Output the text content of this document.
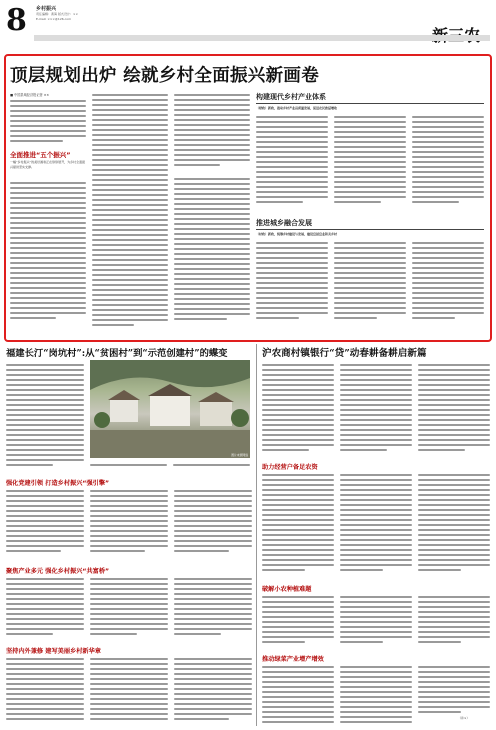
8 乡村振兴
责任编辑：黄海 版式设计：××
E-mail: ×××@126.com
顶层规划出炉 绘就乡村全面振兴新画卷
■ 中国县域经济报记者 ××
全面推进“五个振兴”
一幅“乡村振兴”的美好画卷正在徐徐展开，为乡村全面振兴提供坚实支撑。
构建现代乡村产业体系
（财政）新政，推动乡村产业高质量发展，促进农民致富增收
推进城乡融合发展
（时政）新政，统筹乡村建设与发展，建设宜居宜业和美乡村
福建长汀“岗坑村”:从“贫困村”到“示范创建村”的蝶变
图片来源网络
强化党建引领 打造乡村振兴“强引擎”
聚焦产业多元 强化乡村振兴“共富桥”
坚持内外兼修 建写美丽乡村新华章
沪农商村镇银行“贷”动春耕备耕启新篇
助力经营户备足农资
破解小农种植难题
推动绿菜产业增产增效
（许×）
